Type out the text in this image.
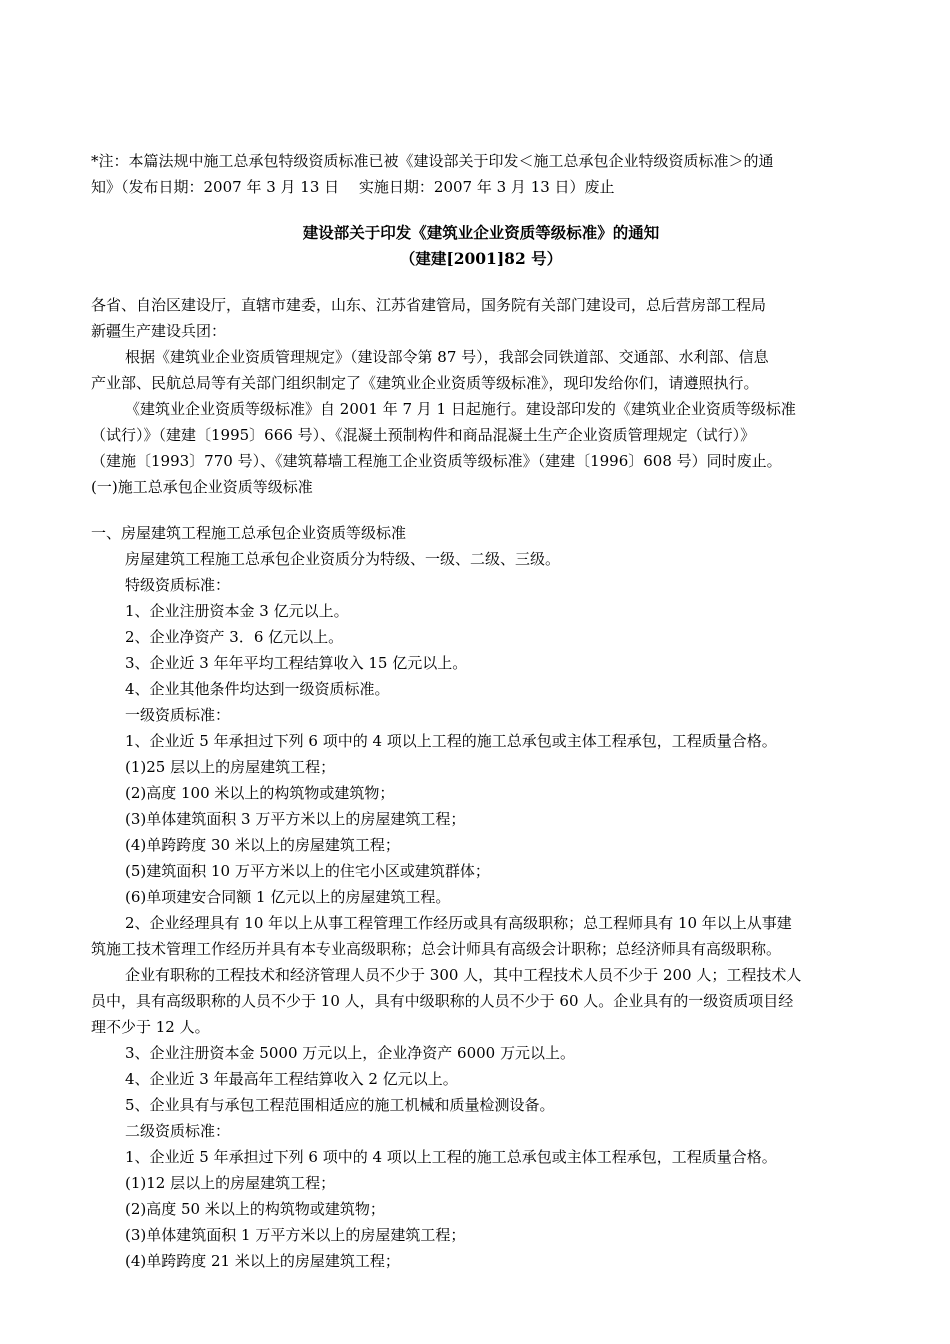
*注：本篇法规中施工总承包特级资质标准已被《建设部关于印发＜施工总承包企业特级资质标准＞的通

知》（发布日期：2007 年 3 月 13 日　 实施日期：2007 年 3 月 13 日）废止

建设部关于印发《建筑业企业资质等级标准》的通知

（建建[2001]82 号）

各省、自治区建设厅，直辖市建委，山东、江苏省建管局，国务院有关部门建设司，总后营房部工程局

新疆生产建设兵团：

根据《建筑业企业资质管理规定》（建设部令第 87 号），我部会同铁道部、交通部、水利部、信息

产业部、民航总局等有关部门组织制定了《建筑业企业资质等级标准》，现印发给你们，请遵照执行。

《建筑业企业资质等级标准》自 2001 年 7 月 1 日起施行。建设部印发的《建筑业企业资质等级标准

（试行）》（建建〔1995〕666 号）、《混凝土预制构件和商品混凝土生产企业资质管理规定（试行）》

（建施〔1993〕770 号）、《建筑幕墙工程施工企业资质等级标准》（建建〔1996〕608 号）同时废止。

(一)施工总承包企业资质等级标准

一、房屋建筑工程施工总承包企业资质等级标准

房屋建筑工程施工总承包企业资质分为特级、一级、二级、三级。

特级资质标准：

1、企业注册资本金 3 亿元以上。

2、企业净资产 3．6 亿元以上。

3、企业近 3 年年平均工程结算收入 15 亿元以上。

4、企业其他条件均达到一级资质标准。

一级资质标准：

1、企业近 5 年承担过下列 6 项中的 4 项以上工程的施工总承包或主体工程承包，工程质量合格。

(1)25 层以上的房屋建筑工程；

(2)高度 100 米以上的构筑物或建筑物；

(3)单体建筑面积 3 万平方米以上的房屋建筑工程；

(4)单跨跨度 30 米以上的房屋建筑工程；

(5)建筑面积 10 万平方米以上的住宅小区或建筑群体；

(6)单项建安合同额 1 亿元以上的房屋建筑工程。

2、企业经理具有 10 年以上从事工程管理工作经历或具有高级职称；总工程师具有 10 年以上从事建

筑施工技术管理工作经历并具有本专业高级职称；总会计师具有高级会计职称；总经济师具有高级职称。

企业有职称的工程技术和经济管理人员不少于 300 人，其中工程技术人员不少于 200 人；工程技术人

员中，具有高级职称的人员不少于 10 人，具有中级职称的人员不少于 60 人。企业具有的一级资质项目经

理不少于 12 人。

3、企业注册资本金 5000 万元以上，企业净资产 6000 万元以上。

4、企业近 3 年最高年工程结算收入 2 亿元以上。

5、企业具有与承包工程范围相适应的施工机械和质量检测设备。

二级资质标准：

1、企业近 5 年承担过下列 6 项中的 4 项以上工程的施工总承包或主体工程承包，工程质量合格。

(1)12 层以上的房屋建筑工程；

(2)高度 50 米以上的构筑物或建筑物；

(3)单体建筑面积 1 万平方米以上的房屋建筑工程；

(4)单跨跨度 21 米以上的房屋建筑工程；
